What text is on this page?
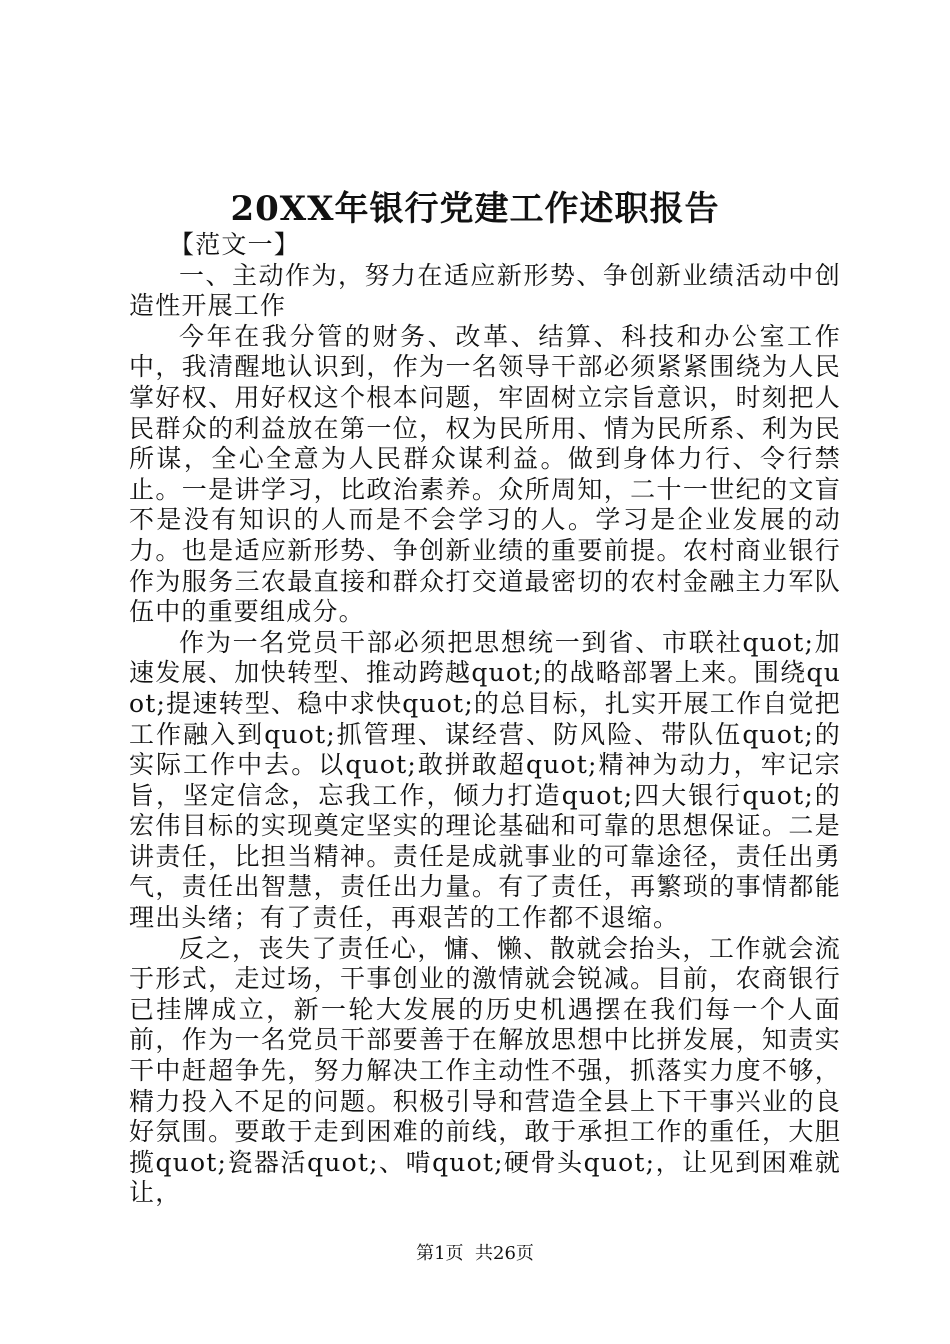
20XX年银行党建工作述职报告

【范文一】

一、主动作为，努力在适应新形势、争创新业绩活动中创造性开展工作

今年在我分管的财务、改革、结算、科技和办公室工作中，我清醒地认识到，作为一名领导干部必须紧紧围绕为人民掌好权、用好权这个根本问题，牢固树立宗旨意识，时刻把人民群众的利益放在第一位，权为民所用、情为民所系、利为民所谋，全心全意为人民群众谋利益。做到身体力行、令行禁止。一是讲学习，比政治素养。众所周知，二十一世纪的文盲不是没有知识的人而是不会学习的人。学习是企业发展的动力。也是适应新形势、争创新业绩的重要前提。农村商业银行作为服务三农最直接和群众打交道最密切的农村金融主力军队伍中的重要组成分。

作为一名党员干部必须把思想统一到省、市联社quot;加速发展、加快转型、推动跨越quot;的战略部署上来。围绕quot;提速转型、稳中求快quot;的总目标，扎实开展工作自觉把工作融入到quot;抓管理、谋经营、防风险、带队伍quot;的实际工作中去。以quot;敢拼敢超quot;精神为动力，牢记宗旨，坚定信念，忘我工作，倾力打造quot;四大银行quot;的宏伟目标的实现奠定坚实的理论基础和可靠的思想保证。二是讲责任，比担当精神。责任是成就事业的可靠途径，责任出勇气，责任出智慧，责任出力量。有了责任，再繁琐的事情都能理出头绪；有了责任，再艰苦的工作都不退缩。

反之，丧失了责任心，慵、懒、散就会抬头，工作就会流于形式，走过场，干事创业的激情就会锐减。目前，农商银行已挂牌成立，新一轮大发展的历史机遇摆在我们每一个人面前，作为一名党员干部要善于在解放思想中比拼发展，知责实干中赶超争先，努力解决工作主动性不强，抓落实力度不够，精力投入不足的问题。积极引导和营造全县上下干事兴业的良好氛围。要敢于走到困难的前线，敢于承担工作的重任，大胆揽quot;瓷器活quot;、啃quot;硬骨头quot;，让见到困难就让，

第1页 共26页
